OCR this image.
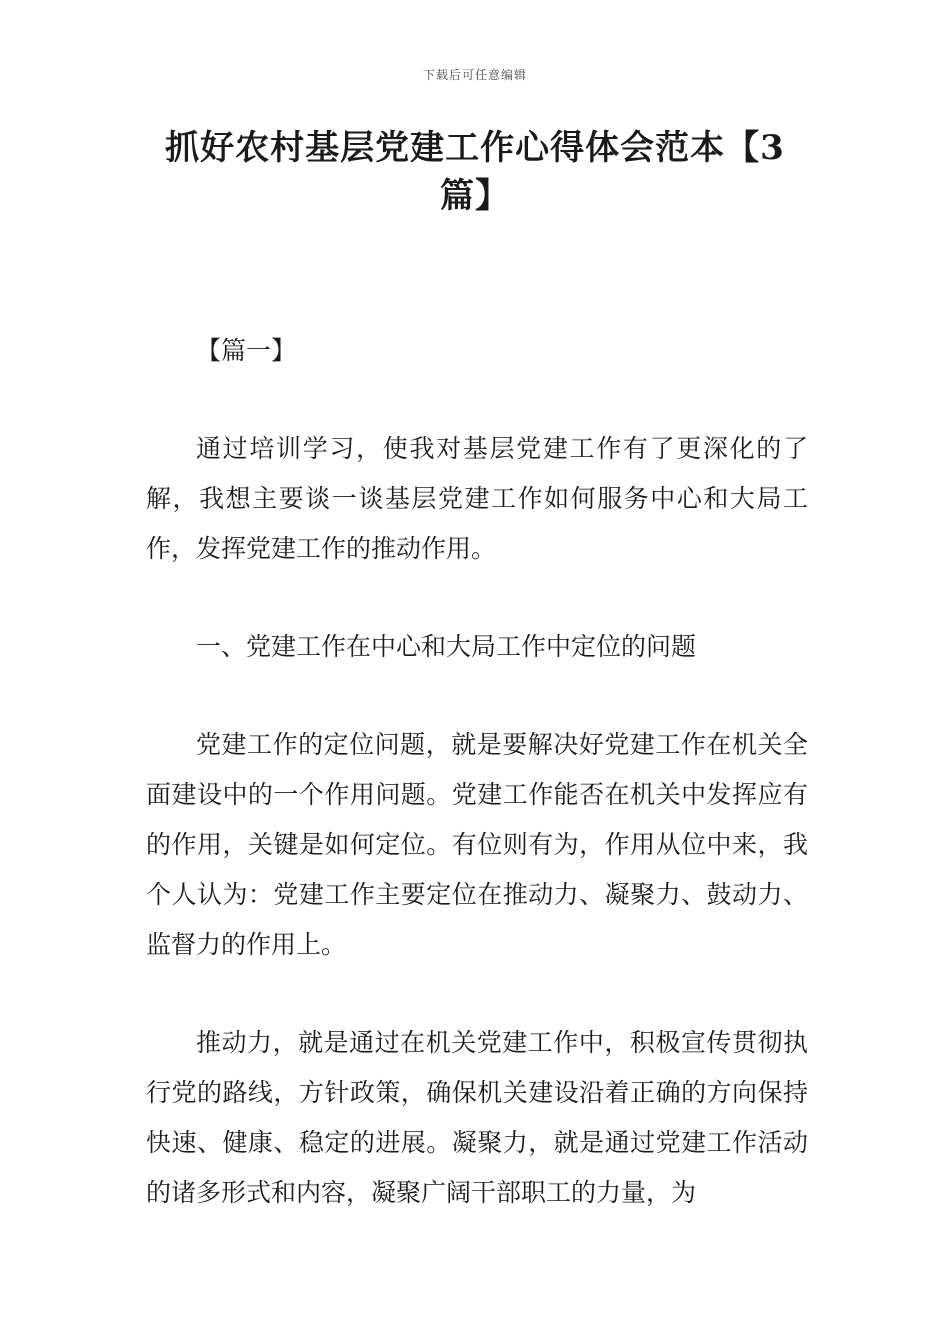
下载后可任意编辑
抓好农村基层党建工作心得体会范本【3篇】

【篇一】

通过培训学习，使我对基层党建工作有了更深化的了解，我想主要谈一谈基层党建工作如何服务中心和大局工作，发挥党建工作的推动作用。

一、党建工作在中心和大局工作中定位的问题

党建工作的定位问题，就是要解决好党建工作在机关全面建设中的一个作用问题。党建工作能否在机关中发挥应有的作用，关键是如何定位。有位则有为，作用从位中来，我个人认为：党建工作主要定位在推动力、凝聚力、鼓动力、监督力的作用上。

推动力，就是通过在机关党建工作中，积极宣传贯彻执行党的路线，方针政策，确保机关建设沿着正确的方向保持快速、健康、稳定的进展。凝聚力，就是通过党建工作活动的诸多形式和内容，凝聚广阔干部职工的力量，为
